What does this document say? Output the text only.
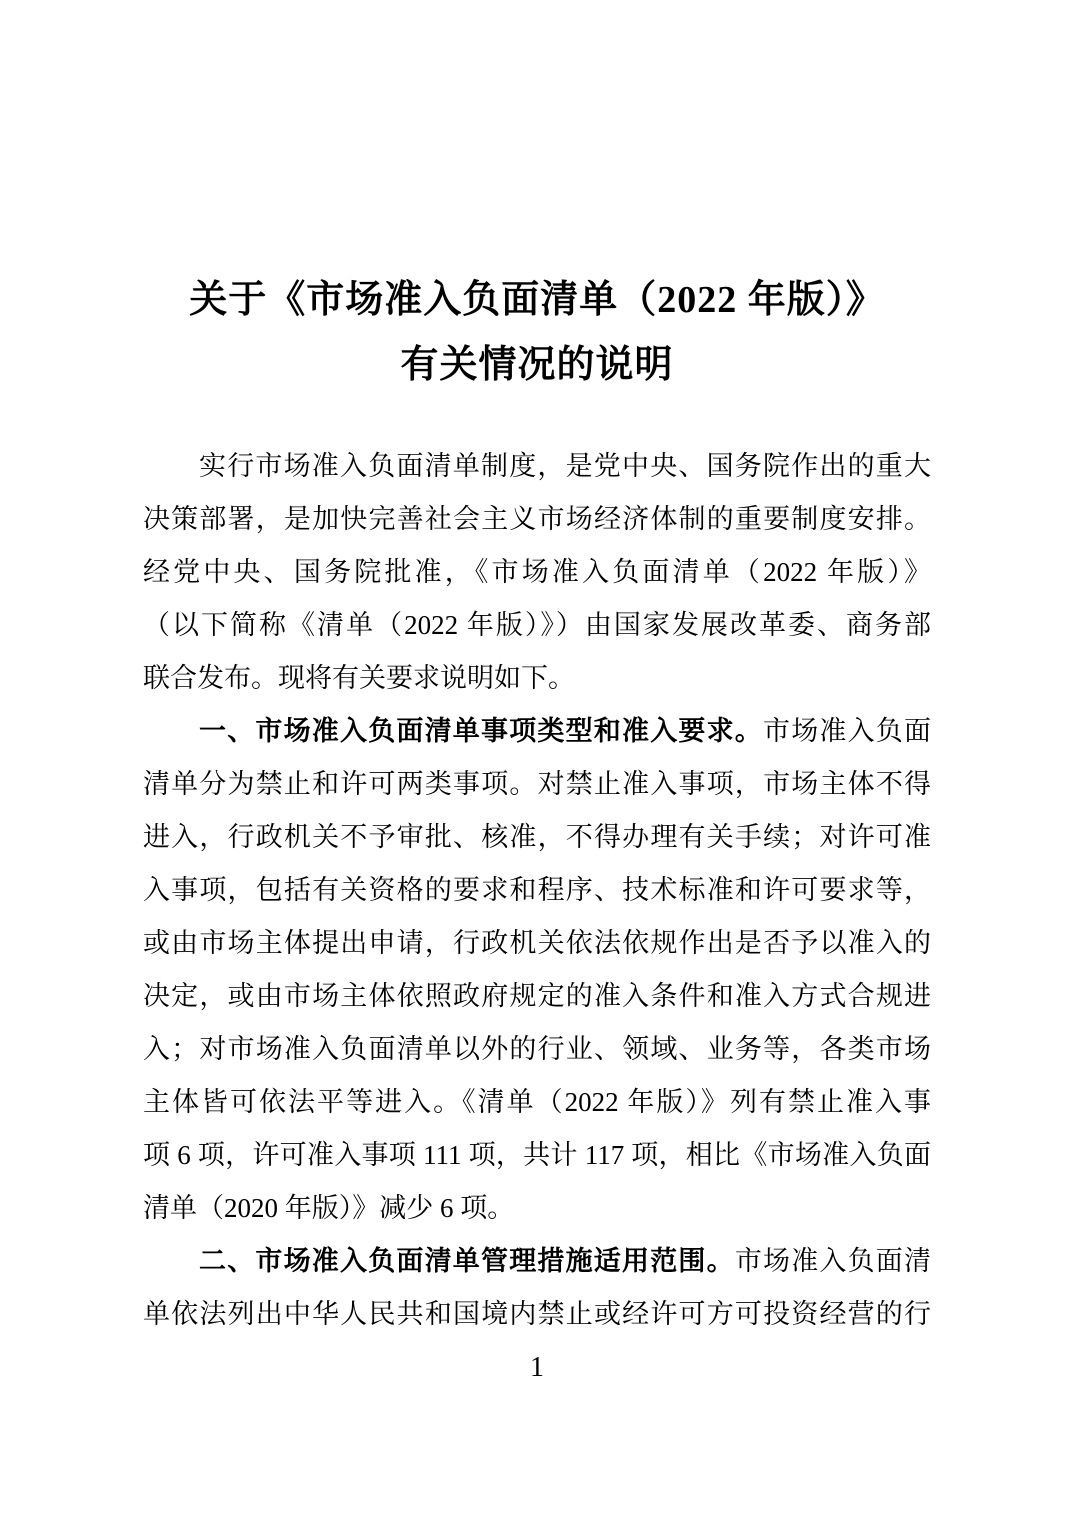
关于《市场准入负面清单（2022 年版）》
有关情况的说明
实行市场准入负面清单制度，是党中央、国务院作出的重大
决策部署，是加快完善社会主义市场经济体制的重要制度安排。
经党中央、国务院批准，《市场准入负面清单（2022 年版）》
（以下简称《清单（2022 年版）》）由国家发展改革委、商务部
联合发布。现将有关要求说明如下。
一、市场准入负面清单事项类型和准入要求。市场准入负面
清单分为禁止和许可两类事项。对禁止准入事项，市场主体不得
进入，行政机关不予审批、核准，不得办理有关手续；对许可准
入事项，包括有关资格的要求和程序、技术标准和许可要求等，
或由市场主体提出申请，行政机关依法依规作出是否予以准入的
决定，或由市场主体依照政府规定的准入条件和准入方式合规进
入；对市场准入负面清单以外的行业、领域、业务等，各类市场
主体皆可依法平等进入。《清单（2022 年版）》列有禁止准入事
项 6 项，许可准入事项 111 项，共计 117 项，相比《市场准入负面
清单（2020 年版）》减少 6 项。
二、市场准入负面清单管理措施适用范围。市场准入负面清
单依法列出中华人民共和国境内禁止或经许可方可投资经营的行
1
